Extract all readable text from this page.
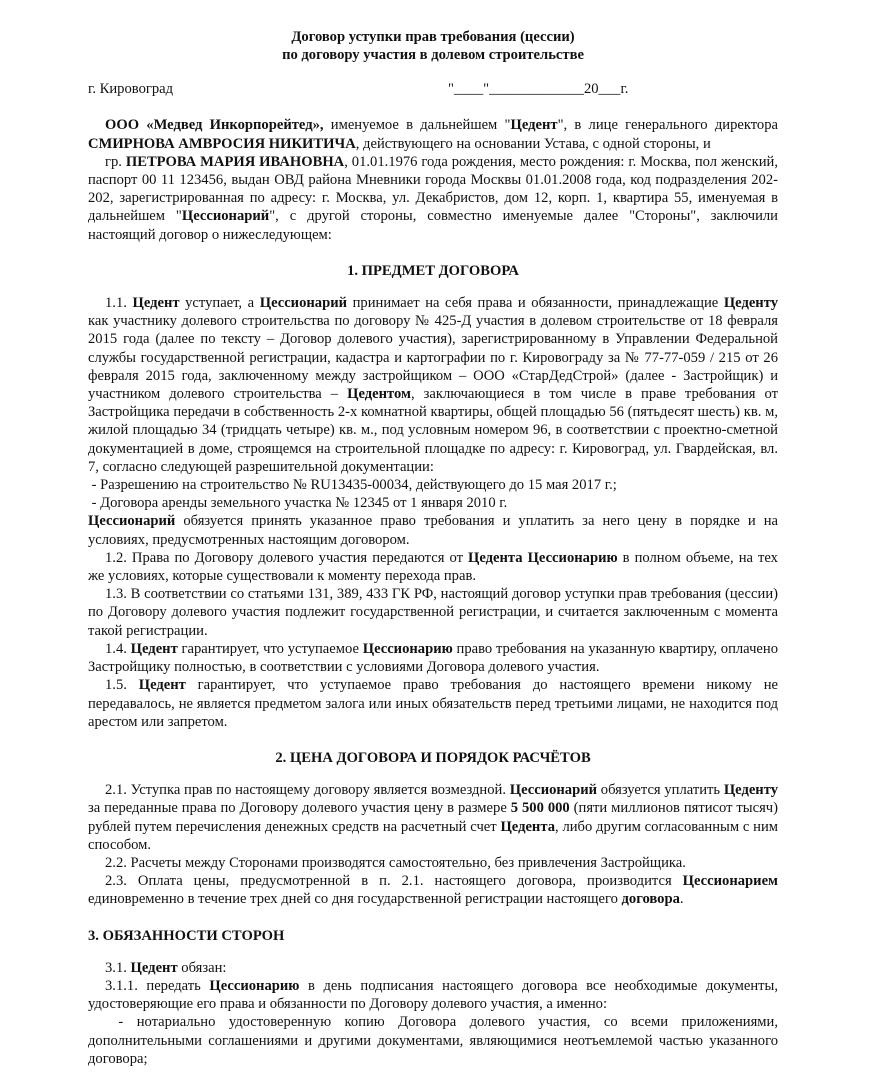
Договор уступки прав требования (цессии)

по договору участия в долевом строительстве

г. Кировоград	"____"_____________20___г.

ООО «Медвед Инкорпорейтед», именуемое в дальнейшем "Цедент", в лице генерального директора СМИРНОВА АМВРОСИЯ НИКИТИЧА, действующего на основании Устава, с одной стороны, и

гр. ПЕТРОВА МАРИЯ ИВАНОВНА, 01.01.1976 года рождения, место рождения: г. Москва, пол женский, паспорт 00 11 123456, выдан ОВД района Мневники города Москвы 01.01.2008 года, код подразделения 202-202, зарегистрированная по адресу: г. Москва, ул. Декабристов, дом 12, корп. 1, квартира 55, именуемая в дальнейшем "Цессионарий", с другой стороны, совместно именуемые далее "Стороны", заключили настоящий договор о нижеследующем:

1. ПРЕДМЕТ ДОГОВОРА

1.1. Цедент уступает, а Цессионарий принимает на себя права и обязанности, принадлежащие Цеденту как участнику долевого строительства по договору № 425-Д участия в долевом строительстве от 18 февраля 2015 года (далее по тексту – Договор долевого участия), зарегистрированному в Управлении Федеральной службы государственной регистрации, кадастра и картографии по г. Кировограду за № 77-77-059 / 215 от 26 февраля 2015 года, заключенному между застройщиком – ООО «СтарДедСтрой» (далее - Застройщик) и участником долевого строительства – Цедентом, заключающиеся в том числе в праве требования от Застройщика передачи в собственность 2-х комнатной квартиры, общей площадью 56 (пятьдесят шесть) кв. м, жилой площадью 34 (тридцать четыре) кв. м., под условным номером 96, в соответствии с проектно-сметной документацией в доме, строящемся на строительной площадке по адресу: г. Кировоград, ул. Гвардейская, вл. 7, согласно следующей разрешительной документации:

- Разрешению на строительство № RU13435-00034, действующего до 15 мая 2017 г.;

- Договора аренды земельного участка № 12345 от 1 января 2010 г.

Цессионарий обязуется принять указанное право требования и уплатить за него цену в порядке и на условиях, предусмотренных настоящим договором.

1.2. Права по Договору долевого участия передаются от Цедента Цессионарию в полном объеме, на тех же условиях, которые существовали к моменту перехода прав.

1.3. В соответствии со статьями 131, 389, 433 ГК РФ, настоящий договор уступки прав требования (цессии) по Договору долевого участия подлежит государственной регистрации, и считается заключенным с момента такой регистрации.

1.4. Цедент гарантирует, что уступаемое Цессионарию право требования на указанную квартиру, оплачено Застройщику полностью, в соответствии с условиями Договора долевого участия.

1.5. Цедент гарантирует, что уступаемое право требования до настоящего времени никому не передавалось, не является предметом залога или иных обязательств перед третьими лицами, не находится под арестом или запретом.

2. ЦЕНА ДОГОВОРА И ПОРЯДОК РАСЧЁТОВ

2.1. Уступка прав по настоящему договору является возмездной. Цессионарий обязуется уплатить Цеденту за переданные права по Договору долевого участия цену в размере 5 500 000 (пяти миллионов пятисот тысяч) рублей путем перечисления денежных средств на расчетный счет Цедента, либо другим согласованным с ним способом.

2.2. Расчеты между Сторонами производятся самостоятельно, без привлечения Застройщика.

2.3. Оплата цены, предусмотренной в п. 2.1. настоящего договора, производится Цессионарием единовременно в течение трех дней со дня государственной регистрации настоящего договора.

3. ОБЯЗАННОСТИ СТОРОН

3.1. Цедент обязан:

3.1.1. передать Цессионарию в день подписания настоящего договора все необходимые документы, удостоверяющие его права и обязанности по Договору долевого участия, а именно:

- нотариально удостоверенную копию Договора долевого участия, со всеми приложениями, дополнительными соглашениями и другими документами, являющимися неотъемлемой частью указанного договора;
